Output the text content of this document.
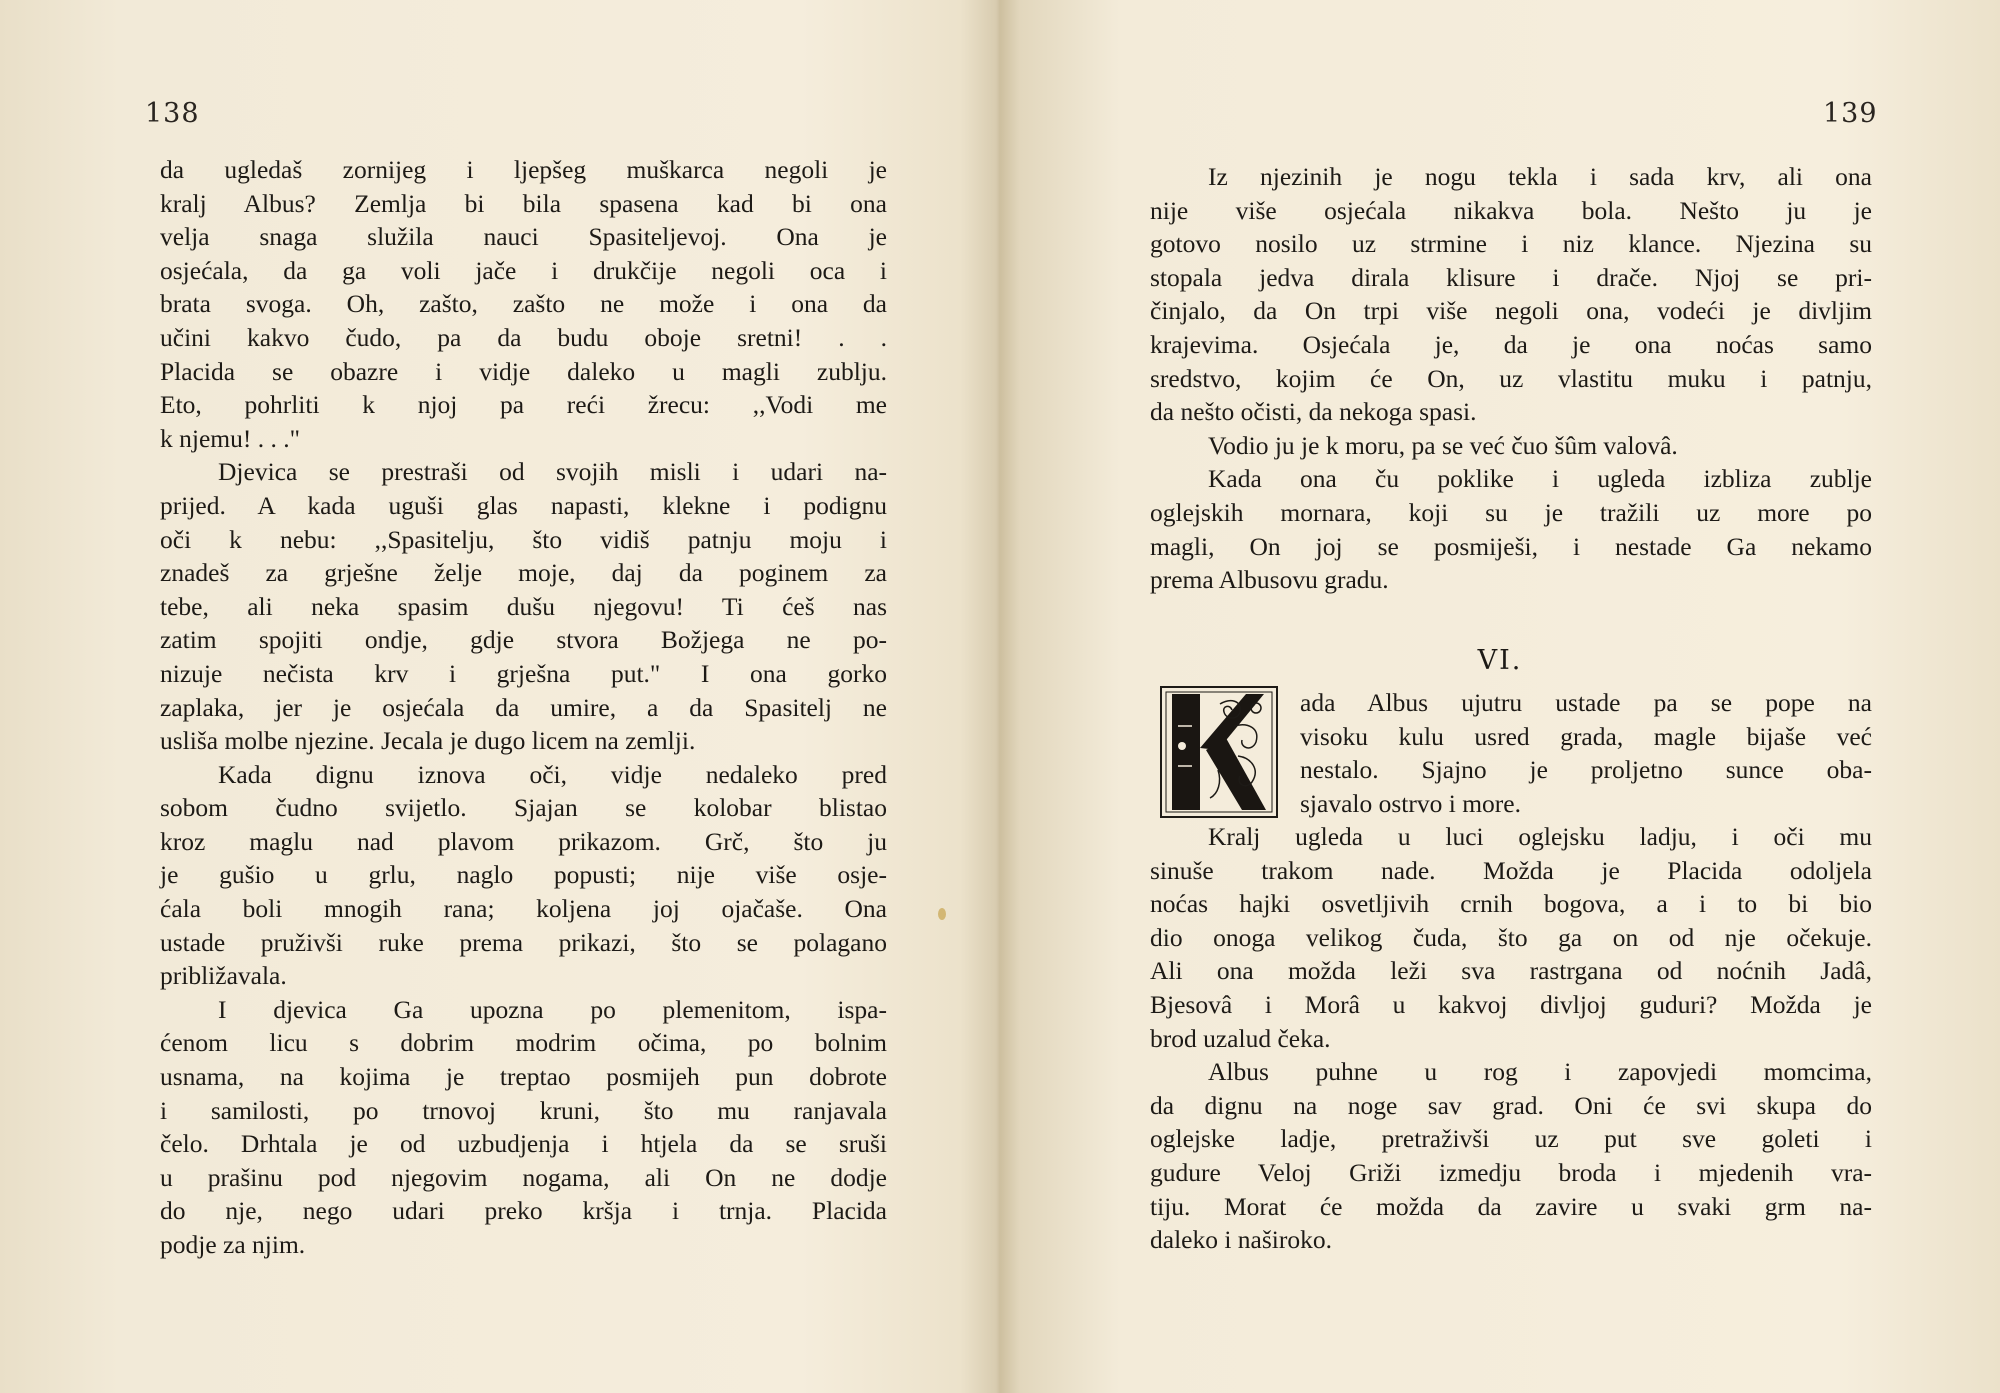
138
da ugledaš zornijeg i ljepšeg muškarca negoli je
kralj Albus? Zemlja bi bila spasena kad bi ona
velja snaga služila nauci Spasiteljevoj. Ona je
osjećala, da ga voli jače i drukčije negoli oca i
brata svoga. Oh, zašto, zašto ne može i ona da
učini kakvo čudo, pa da budu oboje sretni! . .
Placida se obazre i vidje daleko u magli zublju.
Eto, pohrliti k njoj pa reći žrecu: ,,Vodi me
k njemu! . . ."
Djevica se prestraši od svojih misli i udari na-
prijed. A kada uguši glas napasti, klekne i podignu
oči k nebu: ,,Spasitelju, što vidiš patnju moju i
znadeš za grješne želje moje, daj da poginem za
tebe, ali neka spasim dušu njegovu! Ti ćeš nas
zatim spojiti ondje, gdje stvora Božjega ne po-
nizuje nečista krv i grješna put." I ona gorko
zaplaka, jer je osjećala da umire, a da Spasitelj ne
usliša molbe njezine. Jecala je dugo licem na zemlji.
Kada dignu iznova oči, vidje nedaleko pred
sobom čudno svijetlo. Sjajan se kolobar blistao
kroz maglu nad plavom prikazom. Grč, što ju
je gušio u grlu, naglo popusti; nije više osje-
ćala boli mnogih rana; koljena joj ojačaše. Ona
ustade pruživši ruke prema prikazi, što se polagano
približavala.
I djevica Ga upozna po plemenitom, ispa-
ćenom licu s dobrim modrim očima, po bolnim
usnama, na kojima je treptao posmijeh pun dobrote
i samilosti, po trnovoj kruni, što mu ranjavala
čelo. Drhtala je od uzbudjenja i htjela da se sruši
u prašinu pod njegovim nogama, ali On ne dodje
do nje, nego udari preko kršja i trnja. Placida
podje za njim.
139
Iz njezinih je nogu tekla i sada krv, ali ona
nije više osjećala nikakva bola. Nešto ju je
gotovo nosilo uz strmine i niz klance. Njezina su
stopala jedva dirala klisure i drače. Njoj se pri-
činjalo, da On trpi više negoli ona, vodeći je divljim
krajevima. Osjećala je, da je ona noćas samo
sredstvo, kojim će On, uz vlastitu muku i patnju,
da nešto očisti, da nekoga spasi.
Vodio ju je k moru, pa se već čuo šûm valovâ.
Kada ona ču poklike i ugleda izbliza zublje
oglejskih mornara, koji su je tražili uz more po
magli, On joj se posmiješi, i nestade Ga nekamo
prema Albusovu gradu.
VI.
ada Albus ujutru ustade pa se pope na
visoku kulu usred grada, magle bijaše već
nestalo. Sjajno je proljetno sunce oba-
sjavalo ostrvo i more.
Kralj ugleda u luci oglejsku ladju, i oči mu
sinuše trakom nade. Možda je Placida odoljela
noćas hajki osvetljivih crnih bogova, a i to bi bio
dio onoga velikog čuda, što ga on od nje očekuje.
Ali ona možda leži sva rastrgana od noćnih Jadâ,
Bjesovâ i Morâ u kakvoj divljoj guduri? Možda je
brod uzalud čeka.
Albus puhne u rog i zapovjedi momcima,
da dignu na noge sav grad. Oni će svi skupa do
oglejske ladje, pretraživši uz put sve goleti i
gudure Veloj Griži izmedju broda i mjedenih vra-
tiju. Morat će možda da zavire u svaki grm na-
daleko i naširoko.
